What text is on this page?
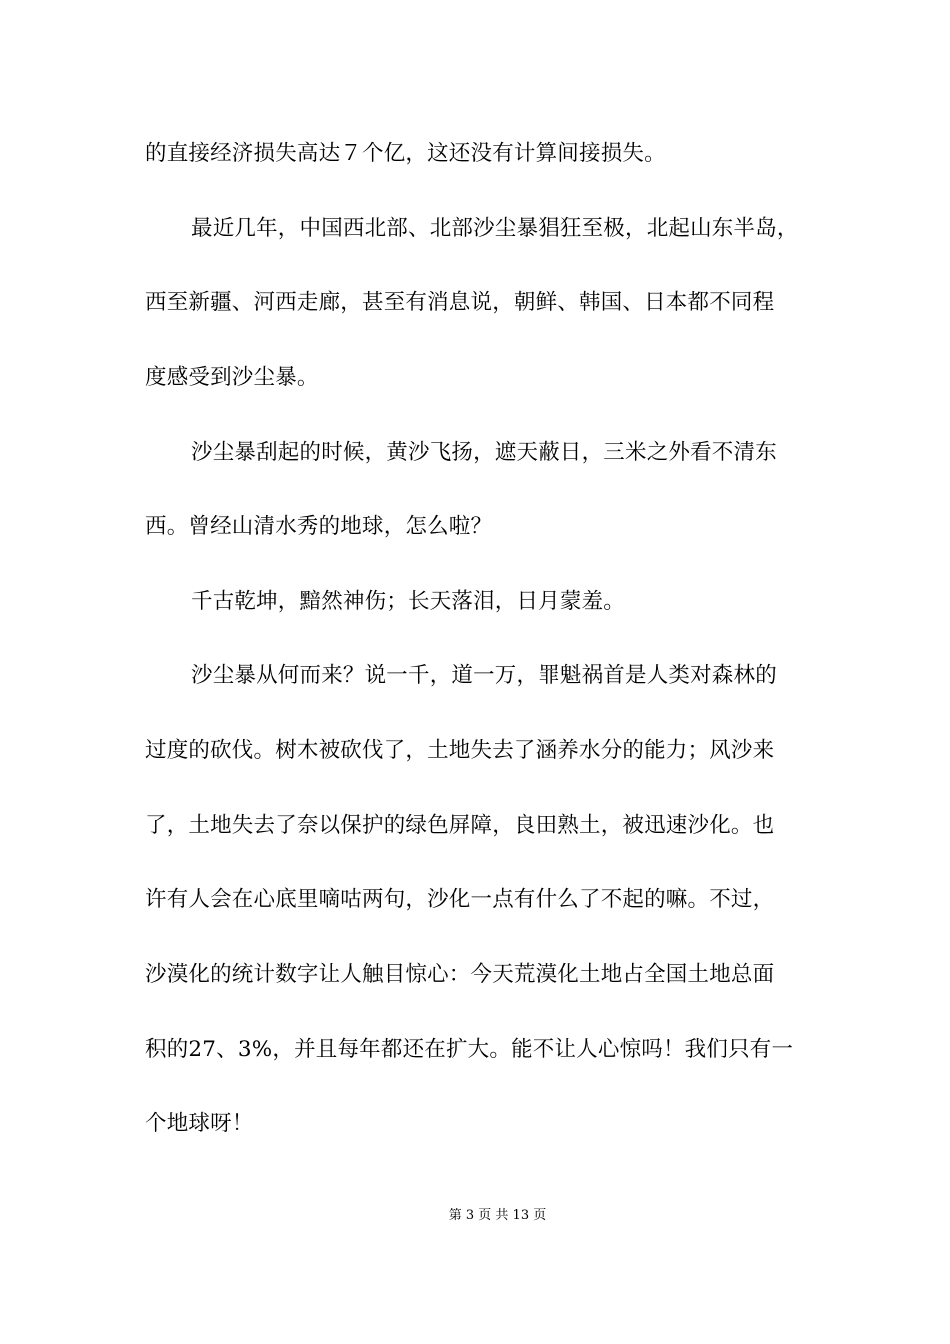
的直接经济损失高达７个亿，这还没有计算间接损失。
最近几年，中国西北部、北部沙尘暴猖狂至极，北起山东半岛，
西至新疆、河西走廊，甚至有消息说，朝鲜、韩国、日本都不同程
度感受到沙尘暴。
沙尘暴刮起的时候，黄沙飞扬，遮天蔽日，三米之外看不清东
西。曾经山清水秀的地球，怎么啦？
千古乾坤，黯然神伤；长天落泪，日月蒙羞。
沙尘暴从何而来？说一千，道一万，罪魁祸首是人类对森林的
过度的砍伐。树木被砍伐了，土地失去了涵养水分的能力；风沙来
了，土地失去了奈以保护的绿色屏障，良田熟土，被迅速沙化。也
许有人会在心底里嘀咕两句，沙化一点有什么了不起的嘛。不过，
沙漠化的统计数字让人触目惊心：今天荒漠化土地占全国土地总面
积的27、3%，并且每年都还在扩大。能不让人心惊吗！我们只有一
个地球呀！
第 3 页 共 13 页
